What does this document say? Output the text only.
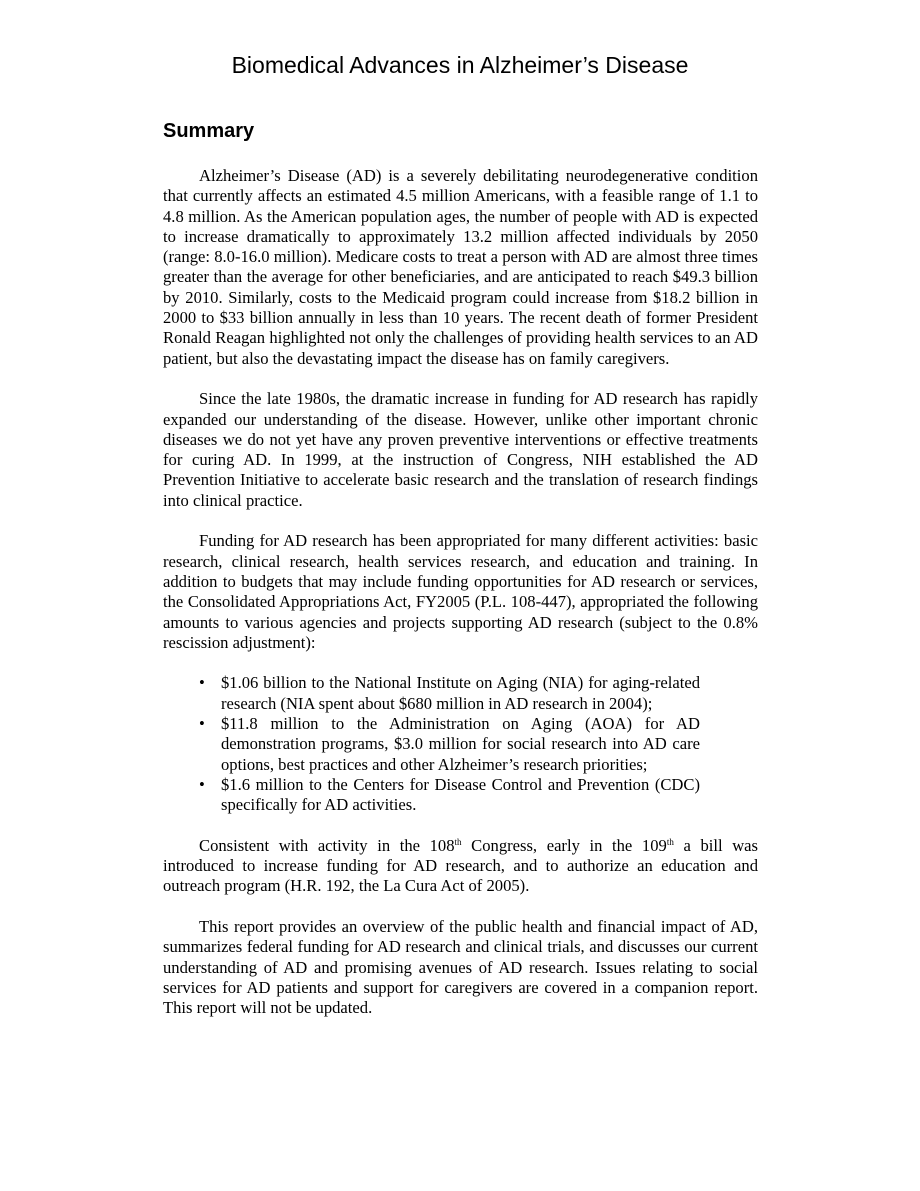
Biomedical Advances in Alzheimer’s Disease
Summary

Alzheimer’s Disease (AD) is a severely debilitating neurodegenerative condition that currently affects an estimated 4.5 million Americans, with a feasible range of 1.1 to 4.8 million. As the American population ages, the number of people with AD is expected to increase dramatically to approximately 13.2 million affected individuals by 2050 (range: 8.0-16.0 million). Medicare costs to treat a person with AD are almost three times greater than the average for other beneficiaries, and are anticipated to reach $49.3 billion by 2010. Similarly, costs to the Medicaid program could increase from $18.2 billion in 2000 to $33 billion annually in less than 10 years. The recent death of former President Ronald Reagan highlighted not only the challenges of providing health services to an AD patient, but also the devastating impact the disease has on family caregivers.

Since the late 1980s, the dramatic increase in funding for AD research has rapidly expanded our understanding of the disease. However, unlike other important chronic diseases we do not yet have any proven preventive interventions or effective treatments for curing AD. In 1999, at the instruction of Congress, NIH established the AD Prevention Initiative to accelerate basic research and the translation of research findings into clinical practice.

Funding for AD research has been appropriated for many different activities: basic research, clinical research, health services research, and education and training. In addition to budgets that may include funding opportunities for AD research or services, the Consolidated Appropriations Act, FY2005 (P.L. 108-447), appropriated the following amounts to various agencies and projects supporting AD research (subject to the 0.8% rescission adjustment):

• $1.06 billion to the National Institute on Aging (NIA) for aging-related research (NIA spent about $680 million in AD research in 2004);
• $11.8 million to the Administration on Aging (AOA) for AD demonstration programs, $3.0 million for social research into AD care options, best practices and other Alzheimer’s research priorities;
• $1.6 million to the Centers for Disease Control and Prevention (CDC) specifically for AD activities.

Consistent with activity in the 108th Congress, early in the 109th a bill was introduced to increase funding for AD research, and to authorize an education and outreach program (H.R. 192, the La Cura Act of 2005).

This report provides an overview of the public health and financial impact of AD, summarizes federal funding for AD research and clinical trials, and discusses our current understanding of AD and promising avenues of AD research. Issues relating to social services for AD patients and support for caregivers are covered in a companion report. This report will not be updated.
